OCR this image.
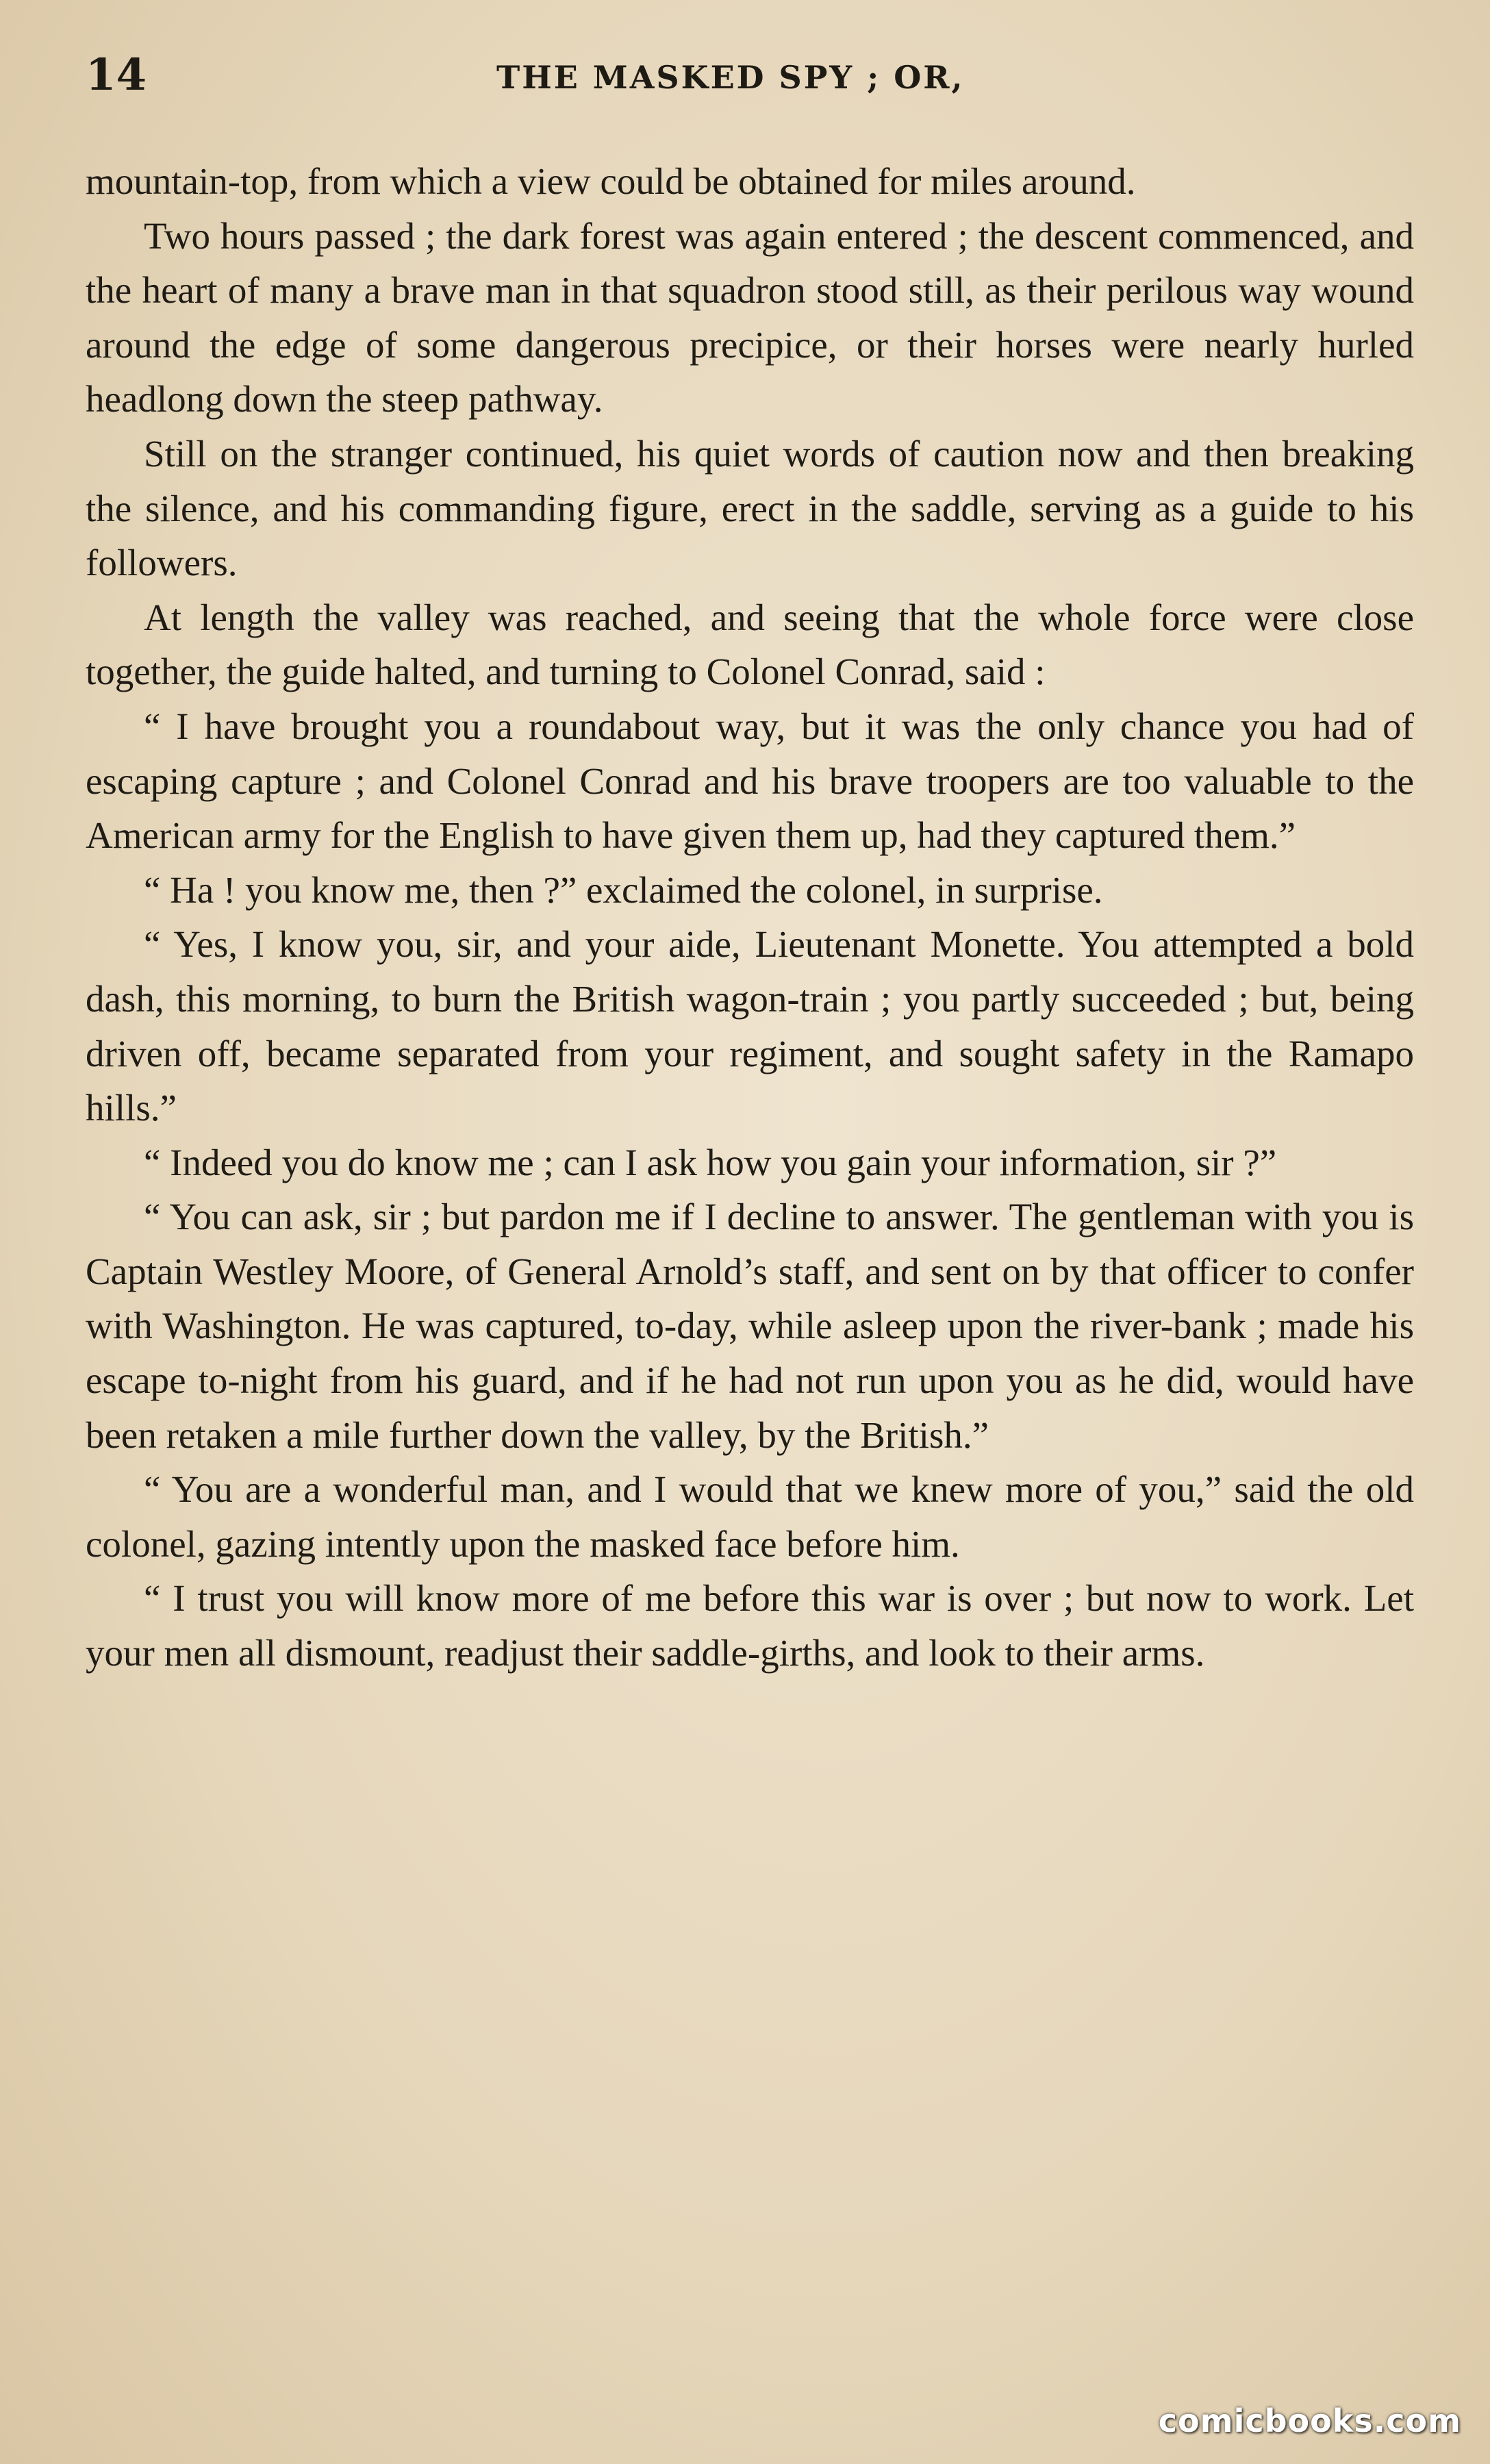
14	THE MASKED SPY ; OR,

mountain-top, from which a view could be obtained for miles around.

Two hours passed ; the dark forest was again entered ; the descent commenced, and the heart of many a brave man in that squadron stood still, as their perilous way wound around the edge of some dangerous precipice, or their horses were nearly hurled headlong down the steep pathway.

Still on the stranger continued, his quiet words of caution now and then breaking the silence, and his commanding figure, erect in the saddle, serving as a guide to his followers.

At length the valley was reached, and seeing that the whole force were close together, the guide halted, and turning to Colonel Conrad, said :

“ I have brought you a roundabout way, but it was the only chance you had of escaping capture ; and Colonel Conrad and his brave troopers are too valuable to the American army for the English to have given them up, had they captured them.”

“ Ha ! you know me, then ?” exclaimed the colonel, in surprise.

“ Yes, I know you, sir, and your aide, Lieutenant Monette. You attempted a bold dash, this morning, to burn the British wagon-train ; you partly succeeded ; but, being driven off, became separated from your regiment, and sought safety in the Ramapo hills.”

“ Indeed you do know me ; can I ask how you gain your information, sir ?”

“ You can ask, sir ; but pardon me if I decline to answer. The gentleman with you is Captain Westley Moore, of General Arnold’s staff, and sent on by that officer to confer with Washington. He was captured, to-day, while asleep upon the river-bank ; made his escape to-night from his guard, and if he had not run upon you as he did, would have been retaken a mile further down the valley, by the British.”

“ You are a wonderful man, and I would that we knew more of you,” said the old colonel, gazing intently upon the masked face before him.

“ I trust you will know more of me before this war is over ; but now to work. Let your men all dismount, readjust their saddle-girths, and look to their arms.

comicbooks.com
